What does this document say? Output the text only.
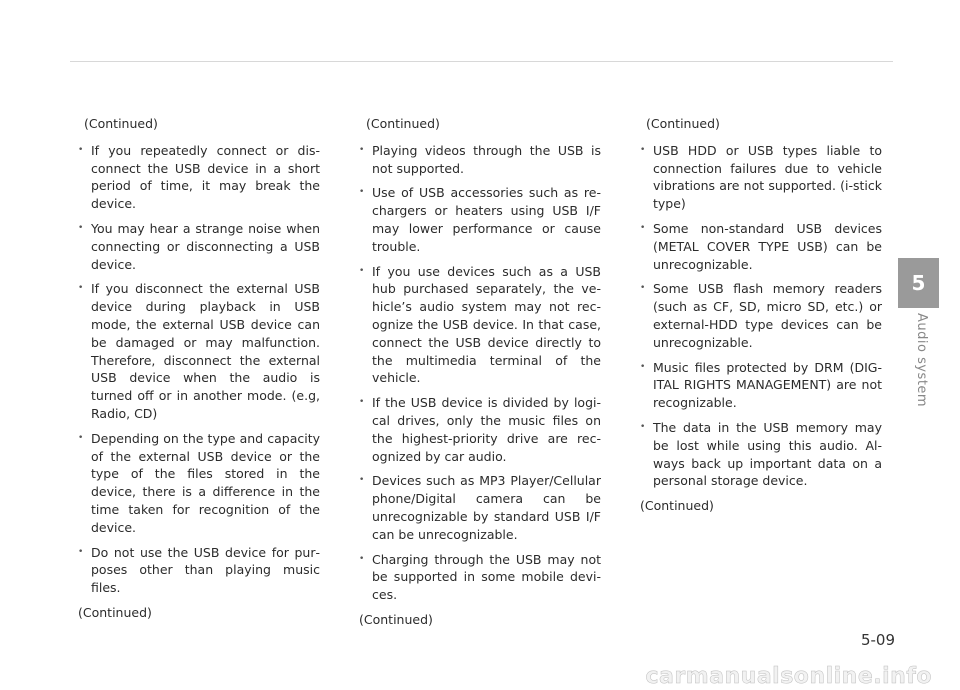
(Continued)

• If you repeatedly connect or disconnect the USB device in a short period of time, it may break the device.
• You may hear a strange noise when connecting or disconnecting a USB device.
• If you disconnect the external USB device during playback in USB mode, the external USB device can be damaged or may malfunction. Therefore, disconnect the external USB device when the audio is turned off or in another mode. (e.g, Radio, CD)
• Depending on the type and capacity of the external USB device or the type of the files stored in the device, there is a difference in the time taken for recognition of the device.
• Do not use the USB device for purposes other than playing music files.

(Continued)

(Continued)

• Playing videos through the USB is not supported.
• Use of USB accessories such as rechargers or heaters using USB I/F may lower performance or cause trouble.
• If you use devices such as a USB hub purchased separately, the vehicle’s audio system may not recognize the USB device. In that case, connect the USB device directly to the multimedia terminal of the vehicle.
• If the USB device is divided by logical drives, only the music files on the highest-priority drive are recognized by car audio.
• Devices such as MP3 Player/Cellular phone/Digital camera can be unrecognizable by standard USB I/F can be unrecognizable.
• Charging through the USB may not be supported in some mobile devices.

(Continued)

(Continued)

• USB HDD or USB types liable to connection failures due to vehicle vibrations are not supported. (i-stick type)
• Some non-standard USB devices (METAL COVER TYPE USB) can be unrecognizable.
• Some USB flash memory readers (such as CF, SD, micro SD, etc.) or external-HDD type devices can be unrecognizable.
• Music files protected by DRM (DIGITAL RIGHTS MANAGEMENT) are not recognizable.
• The data in the USB memory may be lost while using this audio. Always back up important data on a personal storage device.

(Continued)

5
Audio system
5-09
carmanualsonline.info
